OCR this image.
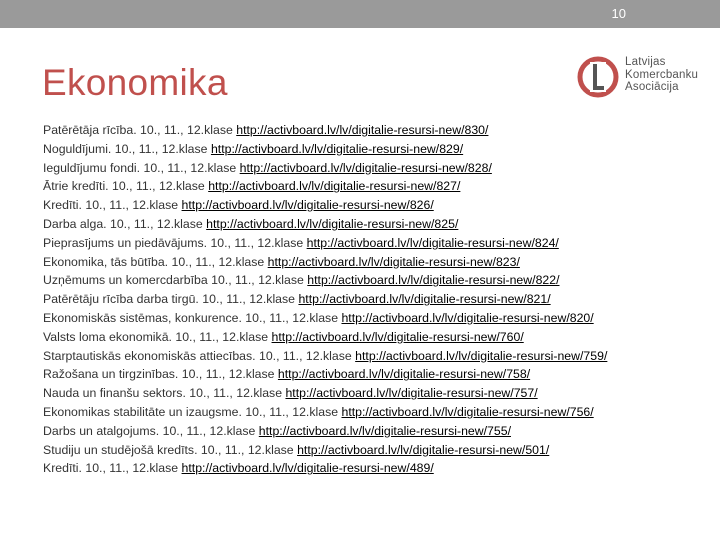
10
Ekonomika	Latvijas
Komercbanku
Asociācija
Patērētāja rīcība. 10., 11., 12.klase http://activboard.lv/lv/digitalie-resursi-new/830/
Noguldījumi. 10., 11., 12.klase http://activboard.lv/lv/digitalie-resursi-new/829/
Ieguldījumu fondi. 10., 11., 12.klase http://activboard.lv/lv/digitalie-resursi-new/828/
Ātrie kredīti. 10., 11., 12.klase http://activboard.lv/lv/digitalie-resursi-new/827/
Kredīti. 10., 11., 12.klase http://activboard.lv/lv/digitalie-resursi-new/826/
Darba alga. 10., 11., 12.klase http://activboard.lv/lv/digitalie-resursi-new/825/
Pieprasījums un piedāvājums. 10., 11., 12.klase http://activboard.lv/lv/digitalie-resursi-new/824/
Ekonomika, tās būtība. 10., 11., 12.klase http://activboard.lv/lv/digitalie-resursi-new/823/
Uzņēmums un komercdarbība 10., 11., 12.klase http://activboard.lv/lv/digitalie-resursi-new/822/
Patērētāju rīcība darba tirgū. 10., 11., 12.klase http://activboard.lv/lv/digitalie-resursi-new/821/
Ekonomiskās sistēmas, konkurence. 10., 11., 12.klase http://activboard.lv/lv/digitalie-resursi-new/820/
Valsts loma ekonomikā. 10., 11., 12.klase http://activboard.lv/lv/digitalie-resursi-new/760/
Starptautiskās ekonomiskās attiecības. 10., 11., 12.klase http://activboard.lv/lv/digitalie-resursi-new/759/
Ražošana un tirgzinības. 10., 11., 12.klase http://activboard.lv/lv/digitalie-resursi-new/758/
Nauda un finanšu sektors. 10., 11., 12.klase http://activboard.lv/lv/digitalie-resursi-new/757/
Ekonomikas stabilitāte un izaugsme. 10., 11., 12.klase http://activboard.lv/lv/digitalie-resursi-new/756/
Darbs un atalgojums. 10., 11., 12.klase http://activboard.lv/lv/digitalie-resursi-new/755/
Studiju un studējošā kredīts. 10., 11., 12.klase http://activboard.lv/lv/digitalie-resursi-new/501/
Kredīti. 10., 11., 12.klase http://activboard.lv/lv/digitalie-resursi-new/489/
